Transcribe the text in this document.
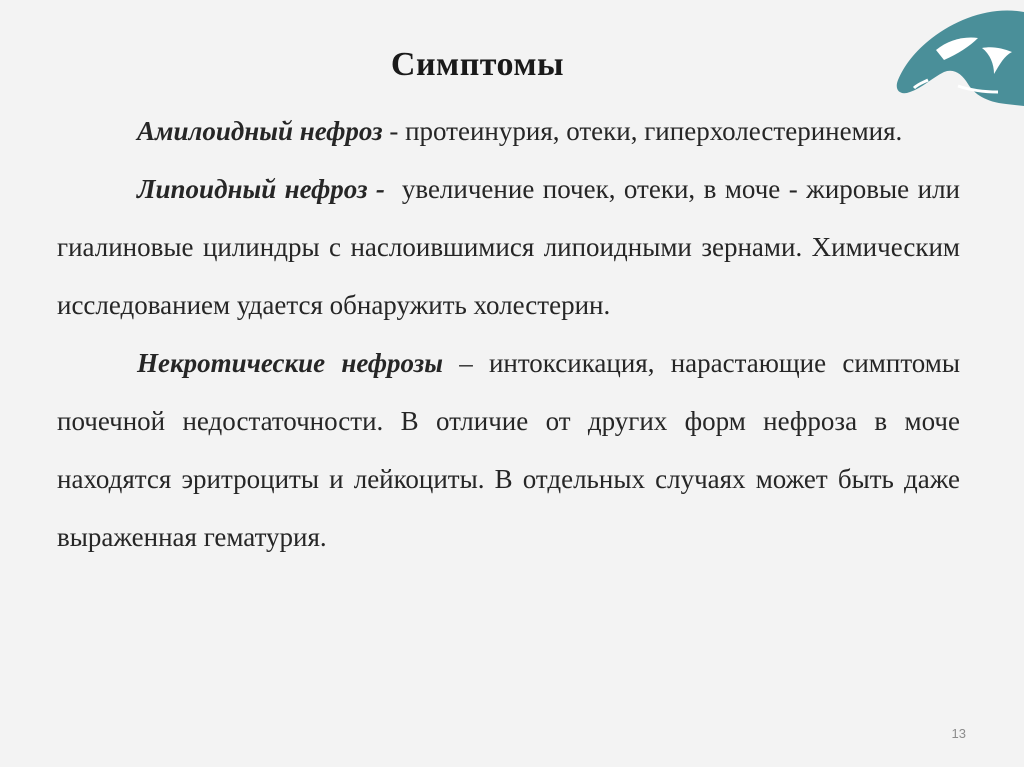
Симптомы

Амилоидный нефроз - протеинурия, отеки, гиперхолестеринемия.

Липоидный нефроз - увеличение почек, отеки, в моче - жировые или гиалиновые цилиндры с наслоившимися липоидными зернами. Химическим исследованием удается обнаружить холестерин.

Некротические нефрозы – интоксикация, нарастающие симптомы почечной недостаточности. В отличие от других форм нефроза в моче находятся эритроциты и лейкоциты. В отдельных случаях может быть даже выраженная гематурия.

13
